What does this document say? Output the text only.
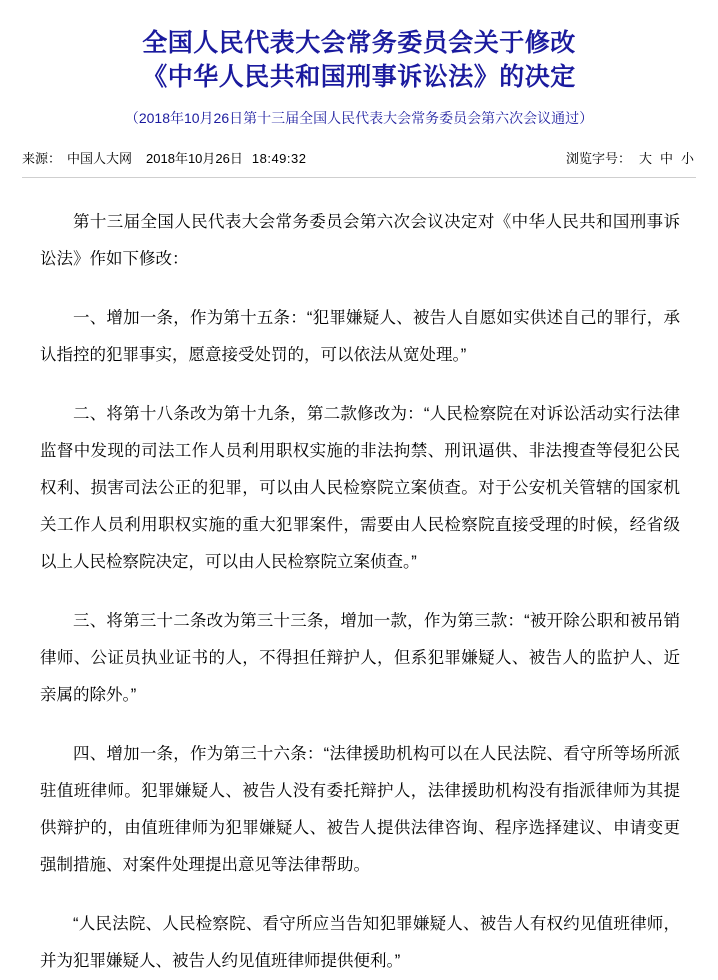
全国人民代表大会常务委员会关于修改
《中华人民共和国刑事诉讼法》的决定
（2018年10月26日第十三届全国人民代表大会常务委员会第六次会议通过）
来源： 中国人大网 2018年10月26日 18:49:32	浏览字号： 大 中 小

第十三届全国人民代表大会常务委员会第六次会议决定对《中华人民共和国刑事诉讼法》作如下修改：

一、增加一条，作为第十五条：“犯罪嫌疑人、被告人自愿如实供述自己的罪行，承认指控的犯罪事实，愿意接受处罚的，可以依法从宽处理。”

二、将第十八条改为第十九条，第二款修改为：“人民检察院在对诉讼活动实行法律监督中发现的司法工作人员利用职权实施的非法拘禁、刑讯逼供、非法搜查等侵犯公民权利、损害司法公正的犯罪，可以由人民检察院立案侦查。对于公安机关管辖的国家机关工作人员利用职权实施的重大犯罪案件，需要由人民检察院直接受理的时候，经省级以上人民检察院决定，可以由人民检察院立案侦查。”

三、将第三十二条改为第三十三条，增加一款，作为第三款：“被开除公职和被吊销律师、公证员执业证书的人，不得担任辩护人，但系犯罪嫌疑人、被告人的监护人、近亲属的除外。”

四、增加一条，作为第三十六条：“法律援助机构可以在人民法院、看守所等场所派驻值班律师。犯罪嫌疑人、被告人没有委托辩护人，法律援助机构没有指派律师为其提供辩护的，由值班律师为犯罪嫌疑人、被告人提供法律咨询、程序选择建议、申请变更强制措施、对案件处理提出意见等法律帮助。

“人民法院、人民检察院、看守所应当告知犯罪嫌疑人、被告人有权约见值班律师，并为犯罪嫌疑人、被告人约见值班律师提供便利。”
